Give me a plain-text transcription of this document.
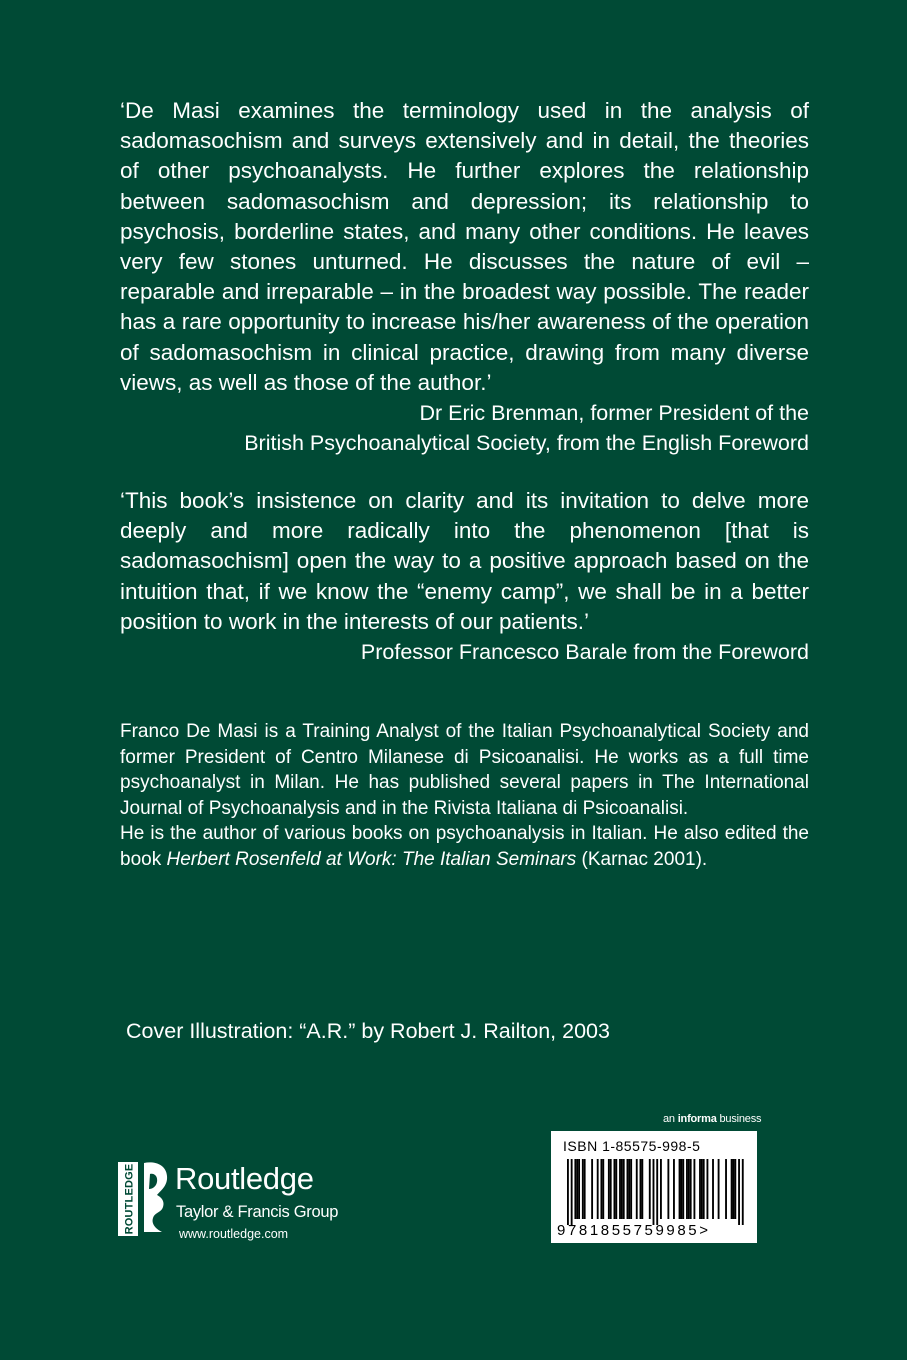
‘De Masi examines the terminology used in the analysis of sadomasochism and surveys extensively and in detail, the theories of other psychoanalysts. He further explores the relationship between sadomasochism and depression; its relationship to psychosis, borderline states, and many other conditions. He leaves very few stones unturned. He discusses the nature of evil – reparable and irreparable – in the broadest way possible. The reader has a rare opportunity to increase his/her awareness of the operation of sadomasochism in clinical practice, drawing from many diverse views, as well as those of the author.’

Dr Eric Brenman, former President of the
British Psychoanalytical Society, from the English Foreword

‘This book’s insistence on clarity and its invitation to delve more deeply and more radically into the phenomenon [that is sadomasochism] open the way to a positive approach based on the intuition that, if we know the “enemy camp”, we shall be in a better position to work in the interests of our patients.’

Professor Francesco Barale from the Foreword

Franco De Masi is a Training Analyst of the Italian Psychoanalytical Society and former President of Centro Milanese di Psicoanalisi. He works as a full time psychoanalyst in Milan. He has published several papers in The International Journal of Psychoanalysis and in the Rivista Italiana di Psicoanalisi.

He is the author of various books on psychoanalysis in Italian. He also edited the book Herbert Rosenfeld at Work: The Italian Seminars (Karnac 2001).

Cover Illustration: “A.R.” by Robert J. Railton, 2003
ROUTLEDGE Routledge
Taylor & Francis Group
www.routledge.com
an informa business
ISBN 1-85575-998-5
9781855759985>
